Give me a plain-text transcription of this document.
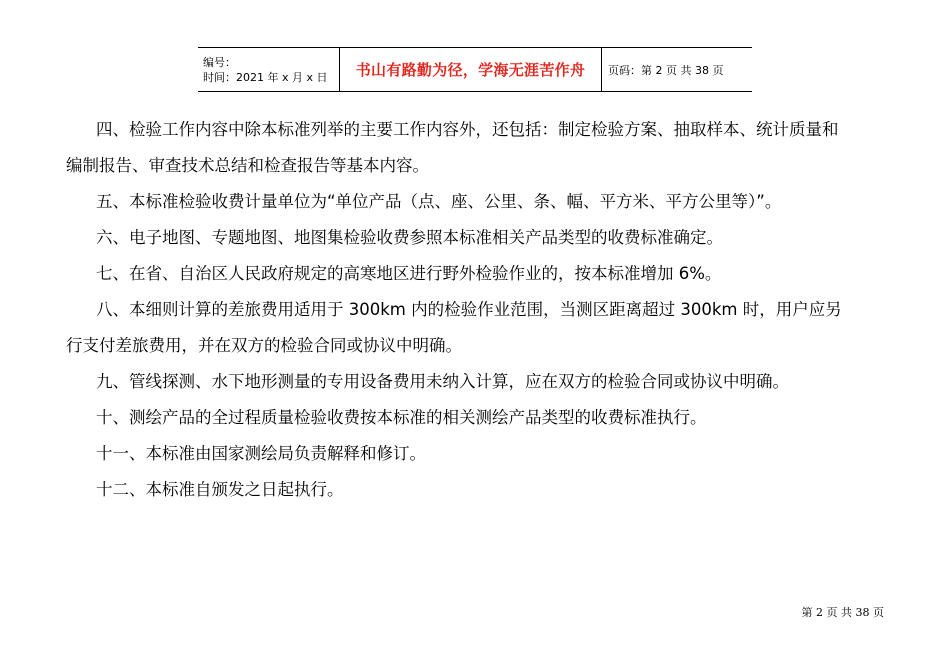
编号：
时间：2021 年 x 月 x 日	书山有路勤为径，学海无涯苦作舟 页码：第 2 页 共 38 页

四、检验工作内容中除本标准列举的主要工作内容外，还包括：制定检验方案、抽取样本、统计质量和
编制报告、审查技术总结和检查报告等基本内容。

五、本标准检验收费计量单位为“单位产品（点、座、公里、条、幅、平方米、平方公里等）”。

六、电子地图、专题地图、地图集检验收费参照本标准相关产品类型的收费标准确定。

七、在省、自治区人民政府规定的高寒地区进行野外检验作业的，按本标准增加 6%。

八、本细则计算的差旅费用适用于 300km 内的检验作业范围，当测区距离超过 300km 时，用户应另
行支付差旅费用，并在双方的检验合同或协议中明确。

九、管线探测、水下地形测量的专用设备费用未纳入计算，应在双方的检验合同或协议中明确。

十、测绘产品的全过程质量检验收费按本标准的相关测绘产品类型的收费标准执行。

十一、本标准由国家测绘局负责解释和修订。

十二、本标准自颁发之日起执行。

第 2 页 共 38 页
